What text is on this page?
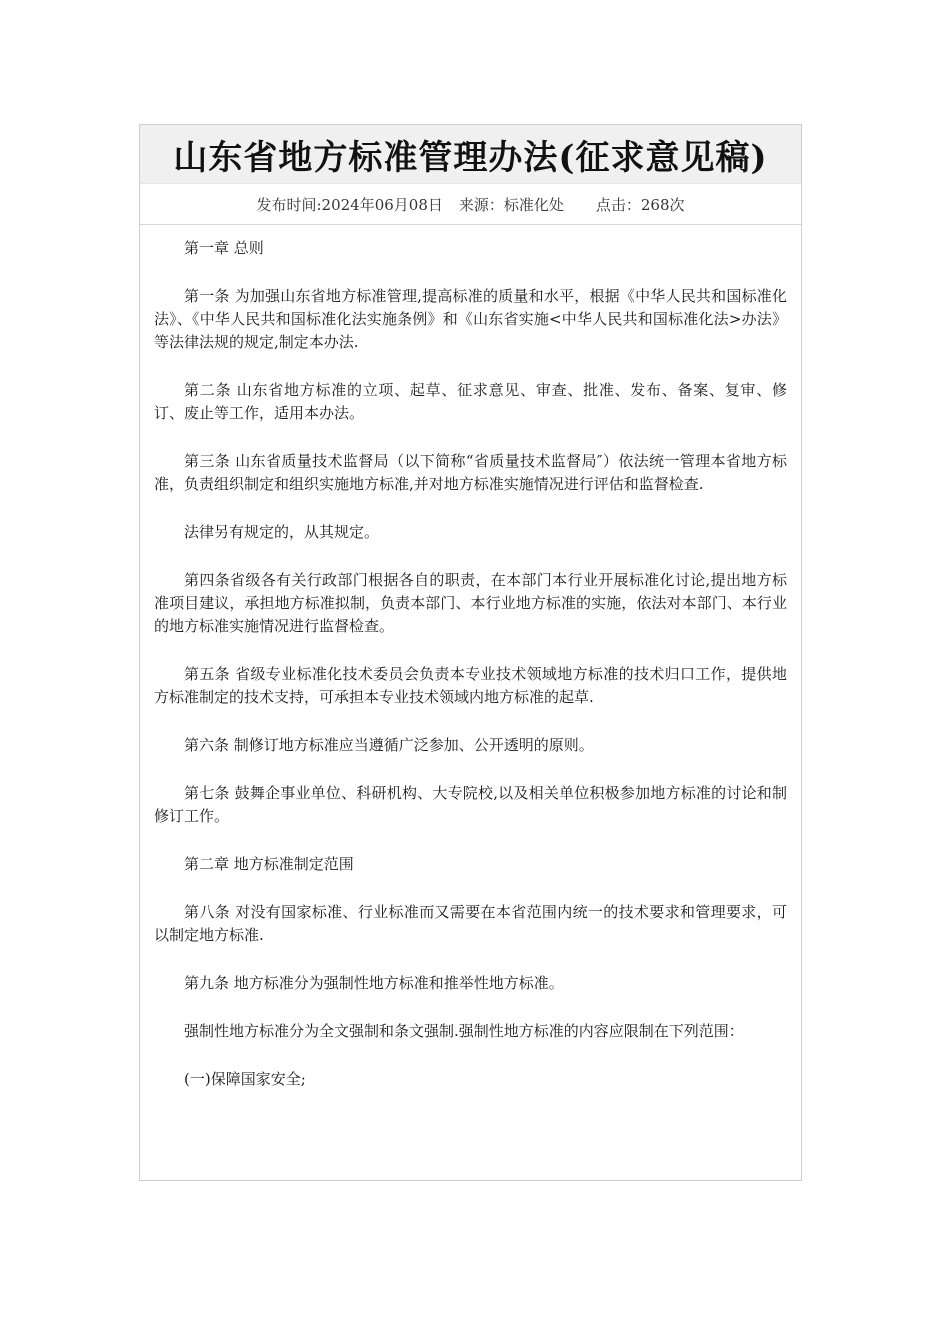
山东省地方标准管理办法(征求意见稿)
发布时间:2024年06月08日 来源：标准化处 点击：268次

第一章 总则

第一条 为加强山东省地方标准管理,提高标准的质量和水平，根据《中华人民共和国标准化法》、《中华人民共和国标准化法实施条例》和《山东省实施<中华人民共和国标准化法>办法》等法律法规的规定,制定本办法.

第二条 山东省地方标准的立项、起草、征求意见、审查、批准、发布、备案、复审、修订、废止等工作，适用本办法。

第三条 山东省质量技术监督局（以下简称“省质量技术监督局″）依法统一管理本省地方标准，负责组织制定和组织实施地方标准,并对地方标准实施情况进行评估和监督检查.

法律另有规定的，从其规定。

第四条省级各有关行政部门根据各自的职责，在本部门本行业开展标准化讨论,提出地方标准项目建议，承担地方标准拟制，负责本部门、本行业地方标准的实施，依法对本部门、本行业的地方标准实施情况进行监督检查。

第五条 省级专业标准化技术委员会负责本专业技术领域地方标准的技术归口工作，提供地方标准制定的技术支持，可承担本专业技术领域内地方标准的起草.

第六条 制修订地方标准应当遵循广泛参加、公开透明的原则。

第七条 鼓舞企事业单位、科研机构、大专院校,以及相关单位积极参加地方标准的讨论和制修订工作。

第二章 地方标准制定范围

第八条 对没有国家标准、行业标准而又需要在本省范围内统一的技术要求和管理要求，可以制定地方标准.

第九条 地方标准分为强制性地方标准和推举性地方标准。

强制性地方标准分为全文强制和条文强制.强制性地方标准的内容应限制在下列范围：

(一)保障国家安全;
